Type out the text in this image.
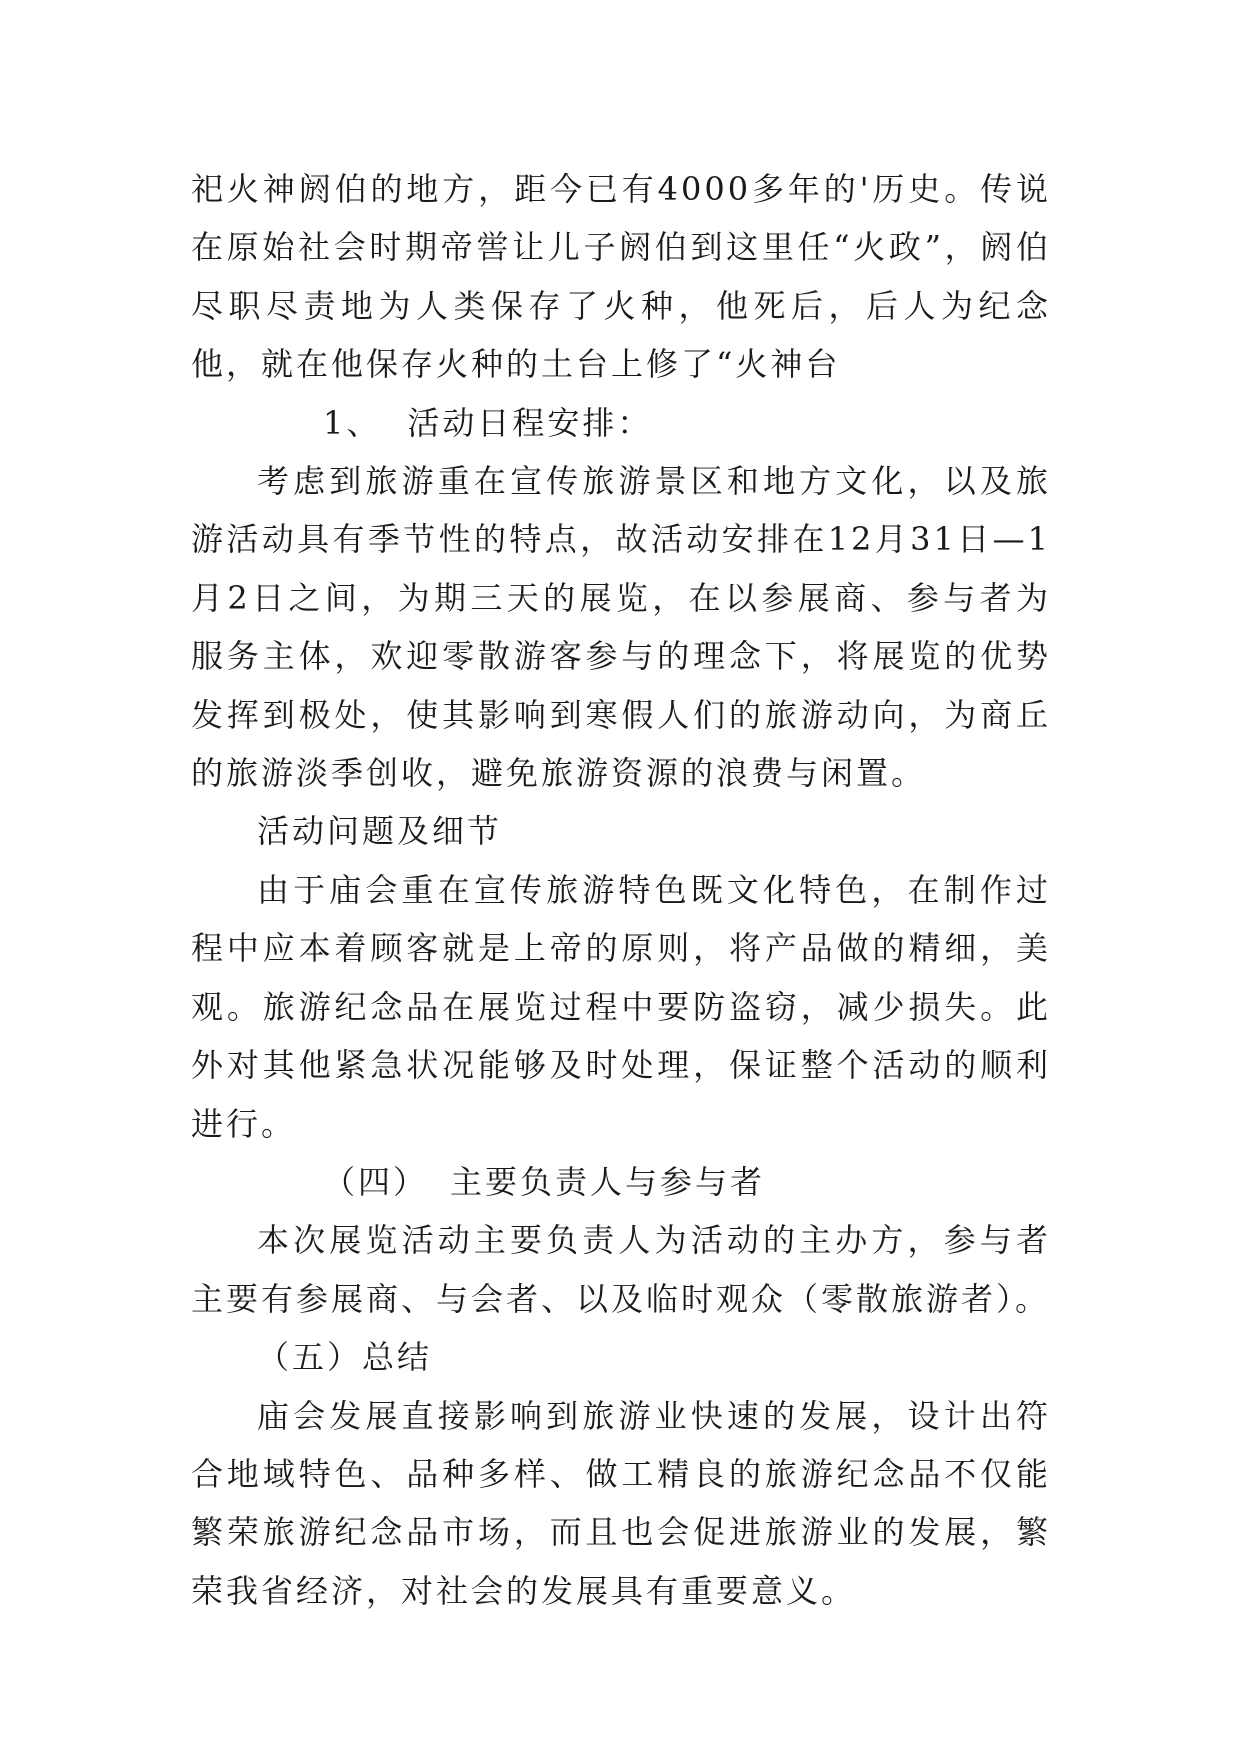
祀火神阏伯的地方，距今已有4000多年的'历史。传说在原始社会时期帝喾让儿子阏伯到这里任“火政”，阏伯尽职尽责地为人类保存了火种，他死后，后人为纪念他，就在他保存火种的土台上修了“火神台

1、 活动日程安排：

考虑到旅游重在宣传旅游景区和地方文化，以及旅游活动具有季节性的特点，故活动安排在12月31日—1月2日之间，为期三天的展览，在以参展商、参与者为服务主体，欢迎零散游客参与的理念下，将展览的优势发挥到极处，使其影响到寒假人们的旅游动向，为商丘的旅游淡季创收，避免旅游资源的浪费与闲置。

活动问题及细节

由于庙会重在宣传旅游特色既文化特色，在制作过程中应本着顾客就是上帝的原则，将产品做的精细，美观。旅游纪念品在展览过程中要防盗窃，减少损失。此外对其他紧急状况能够及时处理，保证整个活动的顺利进行。

（四） 主要负责人与参与者

本次展览活动主要负责人为活动的主办方，参与者主要有参展商、与会者、以及临时观众（零散旅游者）。

（五）总结

庙会发展直接影响到旅游业快速的发展，设计出符合地域特色、品种多样、做工精良的旅游纪念品不仅能繁荣旅游纪念品市场，而且也会促进旅游业的发展，繁荣我省经济，对社会的发展具有重要意义。
